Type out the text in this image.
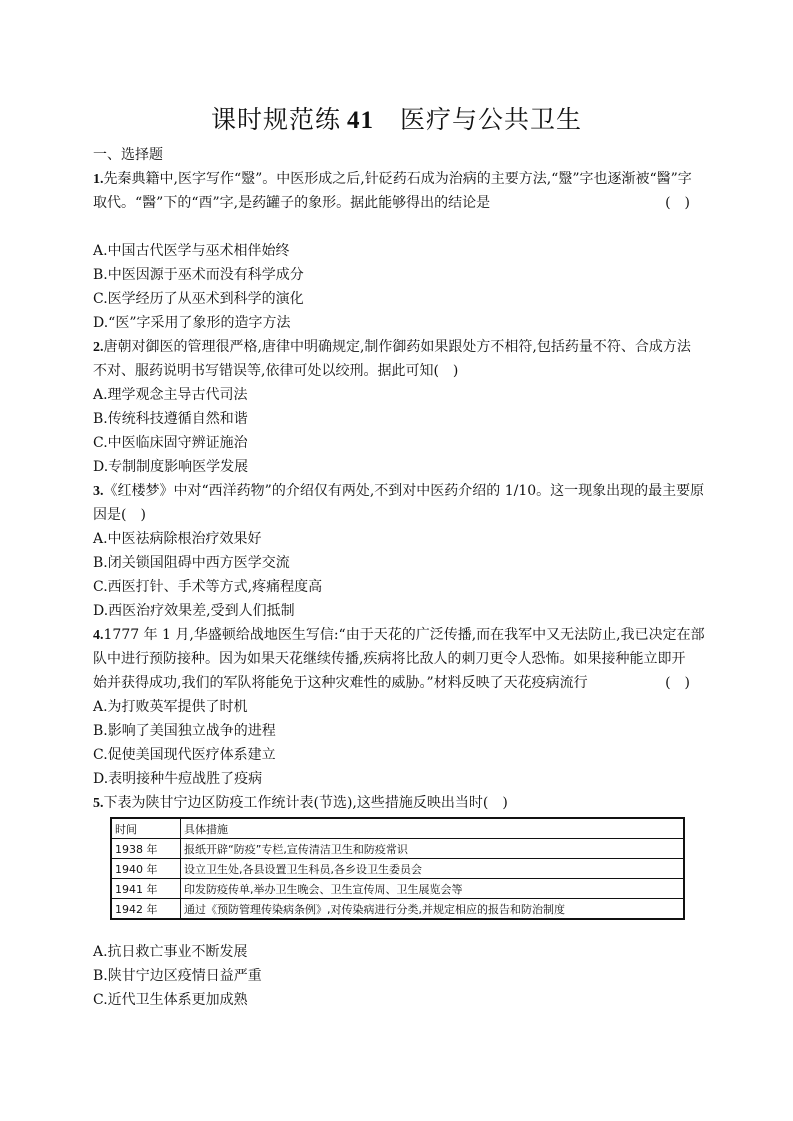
课时规范练 41 医疗与公共卫生
一、选择题
1.先秦典籍中,医字写作“毉”。中医形成之后,针砭药石成为治病的主要方法,“毉”字也逐渐被“醫”字
取代。“醫”下的“酉”字,是药罐子的象形。据此能够得出的结论是	(　)
A.中国古代医学与巫术相伴始终
B.中医因源于巫术而没有科学成分
C.医学经历了从巫术到科学的演化
D.“医”字采用了象形的造字方法
2.唐朝对御医的管理很严格,唐律中明确规定,制作御药如果跟处方不相符,包括药量不符、合成方法
不对、服药说明书写错误等,依律可处以绞刑。据此可知(　)
A.理学观念主导古代司法
B.传统科技遵循自然和谐
C.中医临床固守辨证施治
D.专制制度影响医学发展
3.《红楼梦》中对“西洋药物”的介绍仅有两处,不到对中医药介绍的 1/10。这一现象出现的最主要原
因是(　)
A.中医祛病除根治疗效果好
B.闭关锁国阻碍中西方医学交流
C.西医打针、手术等方式,疼痛程度高
D.西医治疗效果差,受到人们抵制
4.1777 年 1 月,华盛顿给战地医生写信:“由于天花的广泛传播,而在我军中又无法防止,我已决定在部
队中进行预防接种。因为如果天花继续传播,疾病将比敌人的刺刀更令人恐怖。如果接种能立即开
始并获得成功,我们的军队将能免于这种灾难性的威胁。”材料反映了天花疫病流行	(　)
A.为打败英军提供了时机
B.影响了美国独立战争的进程
C.促使美国现代医疗体系建立
D.表明接种牛痘战胜了疫病
5.下表为陕甘宁边区防疫工作统计表(节选),这些措施反映出当时(　)
时间	具体措施
1938 年	报纸开辟“防疫”专栏,宣传清洁卫生和防疫常识
1940 年	设立卫生处,各县设置卫生科员,各乡设卫生委员会
1941 年	印发防疫传单,举办卫生晚会、卫生宣传周、卫生展览会等
1942 年	通过《预防管理传染病条例》,对传染病进行分类,并规定相应的报告和防治制度
A.抗日救亡事业不断发展
B.陕甘宁边区疫情日益严重
C.近代卫生体系更加成熟
